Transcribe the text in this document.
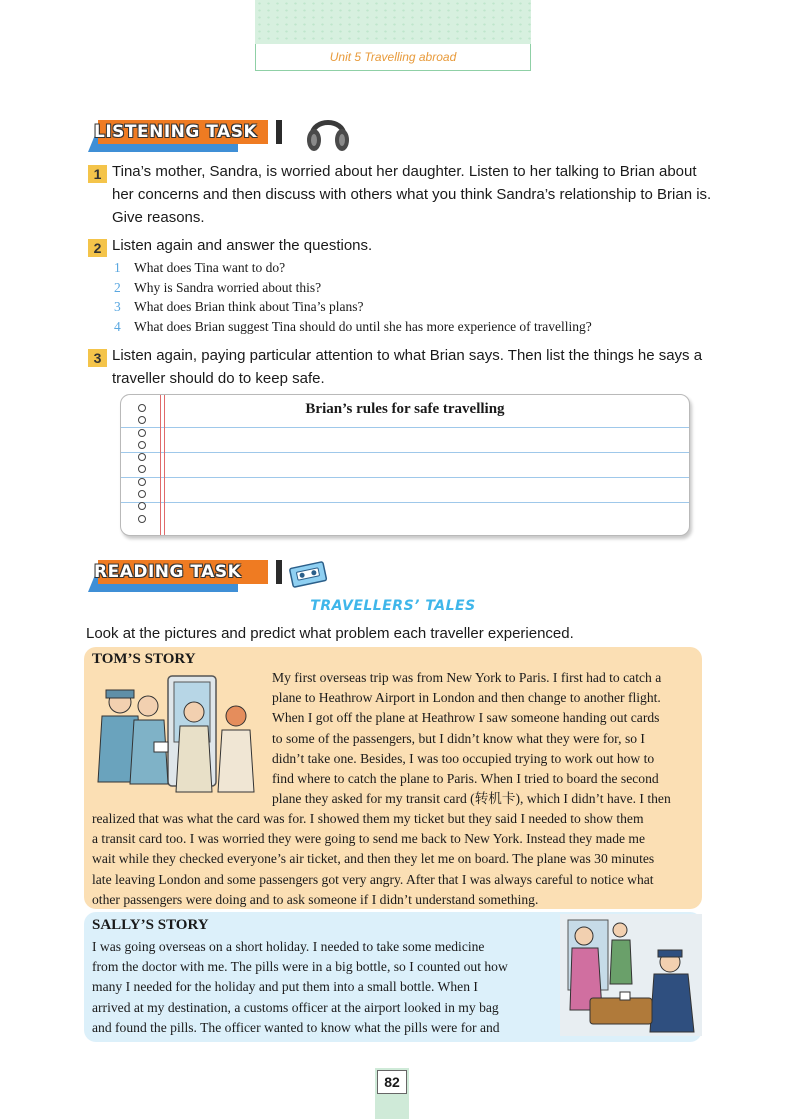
Unit 5 Travelling abroad
LISTENING TASK
1 Tina’s mother, Sandra, is worried about her daughter. Listen to her talking to Brian about her concerns and then discuss with others what you think Sandra’s relationship to Brian is. Give reasons.
2 Listen again and answer the questions.
1 What does Tina want to do?
2 Why is Sandra worried about this?
3 What does Brian think about Tina’s plans?
4 What does Brian suggest Tina should do until she has more experience of travelling?
3 Listen again, paying particular attention to what Brian says. Then list the things he says a traveller should do to keep safe.
Brian’s rules for safe travelling
READING TASK
TRAVELLERS’ TALES
Look at the pictures and predict what problem each traveller experienced.
TOM’S STORY
My first overseas trip was from New York to Paris. I first had to catch a
plane to Heathrow Airport in London and then change to another flight.
When I got off the plane at Heathrow I saw someone handing out cards
to some of the passengers, but I didn’t know what they were for, so I
didn’t take one. Besides, I was too occupied trying to work out how to
find where to catch the plane to Paris. When I tried to board the second
plane they asked for my transit card (转机卡), which I didn’t have. I then
realized that was what the card was for. I showed them my ticket but they said I needed to show them
a transit card too. I was worried they were going to send me back to New York. Instead they made me
wait while they checked everyone’s air ticket, and then they let me on board. The plane was 30 minutes
late leaving London and some passengers got very angry. After that I was always careful to notice what
other passengers were doing and to ask someone if I didn’t understand something.
SALLY’S STORY
I was going overseas on a short holiday. I needed to take some medicine
from the doctor with me. The pills were in a big bottle, so I counted out how
many I needed for the holiday and put them into a small bottle. When I
arrived at my destination, a customs officer at the airport looked in my bag
and found the pills. The officer wanted to know what the pills were for and
82
